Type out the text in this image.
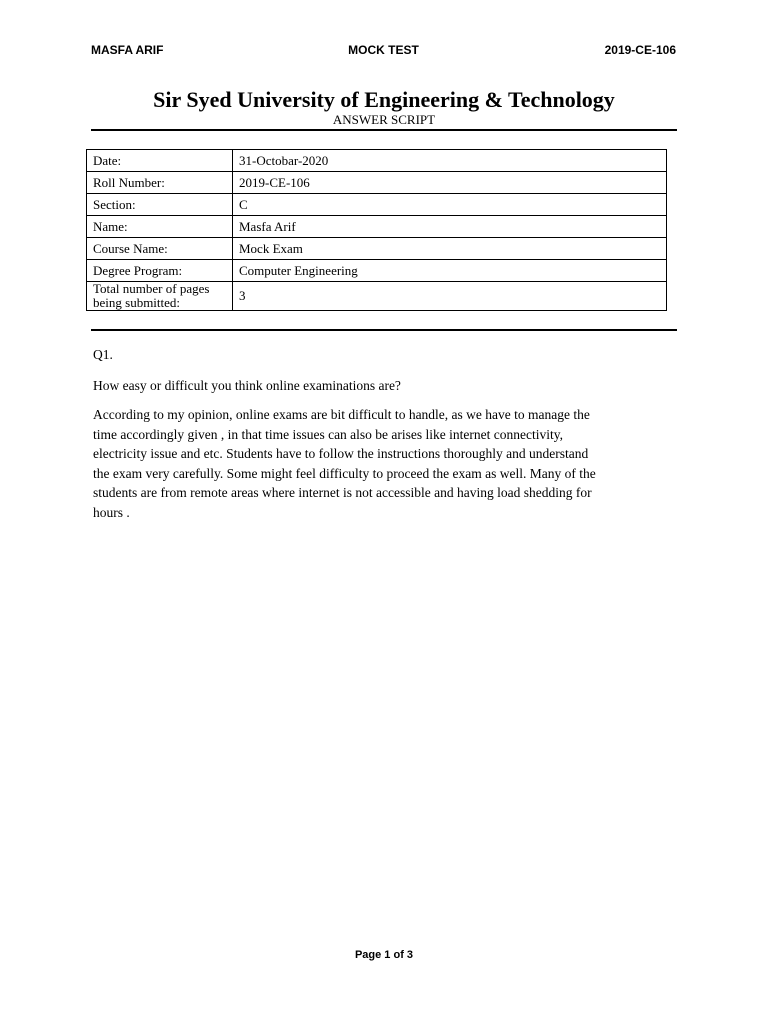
MASFA ARIF	MOCK TEST	2019-CE-106
Sir Syed University of Engineering & Technology
ANSWER SCRIPT
Date:	31-Octobar-2020
Roll Number:	2019-CE-106
Section:	C
Name:	Masfa Arif
Course Name:	Mock Exam
Degree Program:	Computer Engineering
Total number of pages
being submitted:	3

Q1.

How easy or difficult you think online examinations are?

According to my opinion, online exams are bit difficult to handle, as we have to manage the
time accordingly given , in that time issues can also be arises like internet connectivity,
electricity issue and etc. Students have to follow the instructions thoroughly and understand
the exam very carefully. Some might feel difficulty to proceed the exam as well. Many of the
students are from remote areas where internet is not accessible and having load shedding for
hours .

Page 1 of 3
